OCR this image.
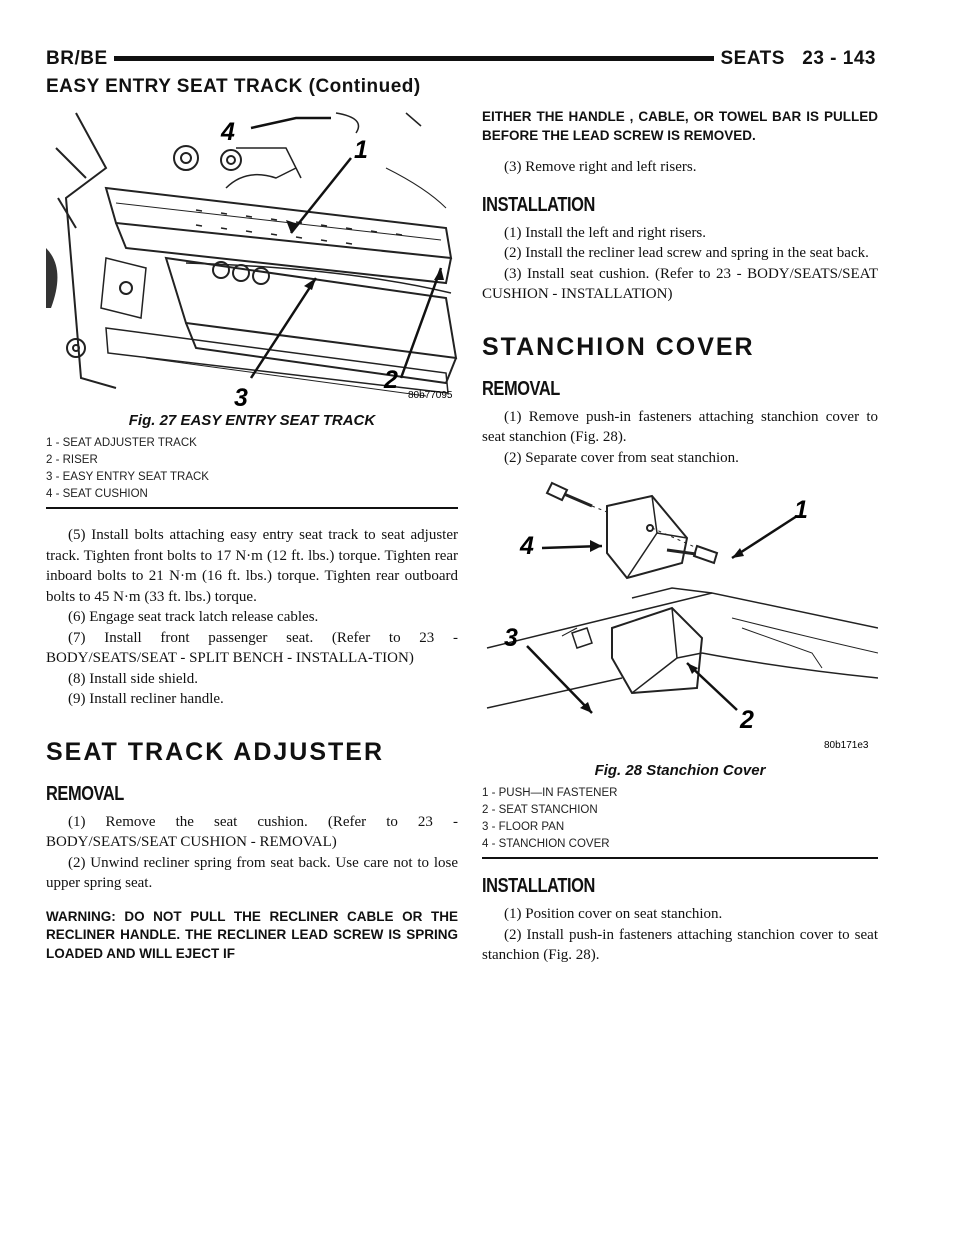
BR/BE	SEATS 23 - 143
EASY ENTRY SEAT TRACK (Continued)
4
1
3
2
80b77095
Fig. 27 EASY ENTRY SEAT TRACK
1 - SEAT ADJUSTER TRACK
2 - RISER
3 - EASY ENTRY SEAT TRACK
4 - SEAT CUSHION

(5) Install bolts attaching easy entry seat track to seat adjuster track. Tighten front bolts to 17 N·m (12 ft. lbs.) torque. Tighten rear inboard bolts to 21 N·m (16 ft. lbs.) torque. Tighten rear outboard bolts to 45 N·m (33 ft. lbs.) torque.

(6) Engage seat track latch release cables.

(7) Install front passenger seat. (Refer to 23 - BODY/SEATS/SEAT - SPLIT BENCH - INSTALLA-TION)

(8) Install side shield.

(9) Install recliner handle.

SEAT TRACK ADJUSTER
REMOVAL

(1) Remove the seat cushion. (Refer to 23 - BODY/SEATS/SEAT CUSHION - REMOVAL)

(2) Unwind recliner spring from seat back. Use care not to lose upper spring seat.

WARNING: DO NOT PULL THE RECLINER CABLE OR THE RECLINER HANDLE. THE RECLINER LEAD SCREW IS SPRING LOADED AND WILL EJECT IF

EITHER THE HANDLE , CABLE, OR TOWEL BAR IS PULLED BEFORE THE LEAD SCREW IS REMOVED.

(3) Remove right and left risers.

INSTALLATION

(1) Install the left and right risers.

(2) Install the recliner lead screw and spring in the seat back.

(3) Install seat cushion. (Refer to 23 - BODY/SEATS/SEAT CUSHION - INSTALLATION)

STANCHION COVER
REMOVAL

(1) Remove push-in fasteners attaching stanchion cover to seat stanchion (Fig. 28).

(2) Separate cover from seat stanchion.

1
4
3
2
80b171e3
Fig. 28 Stanchion Cover
1 - PUSH—IN FASTENER
2 - SEAT STANCHION
3 - FLOOR PAN
4 - STANCHION COVER
INSTALLATION

(1) Position cover on seat stanchion.

(2) Install push-in fasteners attaching stanchion cover to seat stanchion (Fig. 28).
